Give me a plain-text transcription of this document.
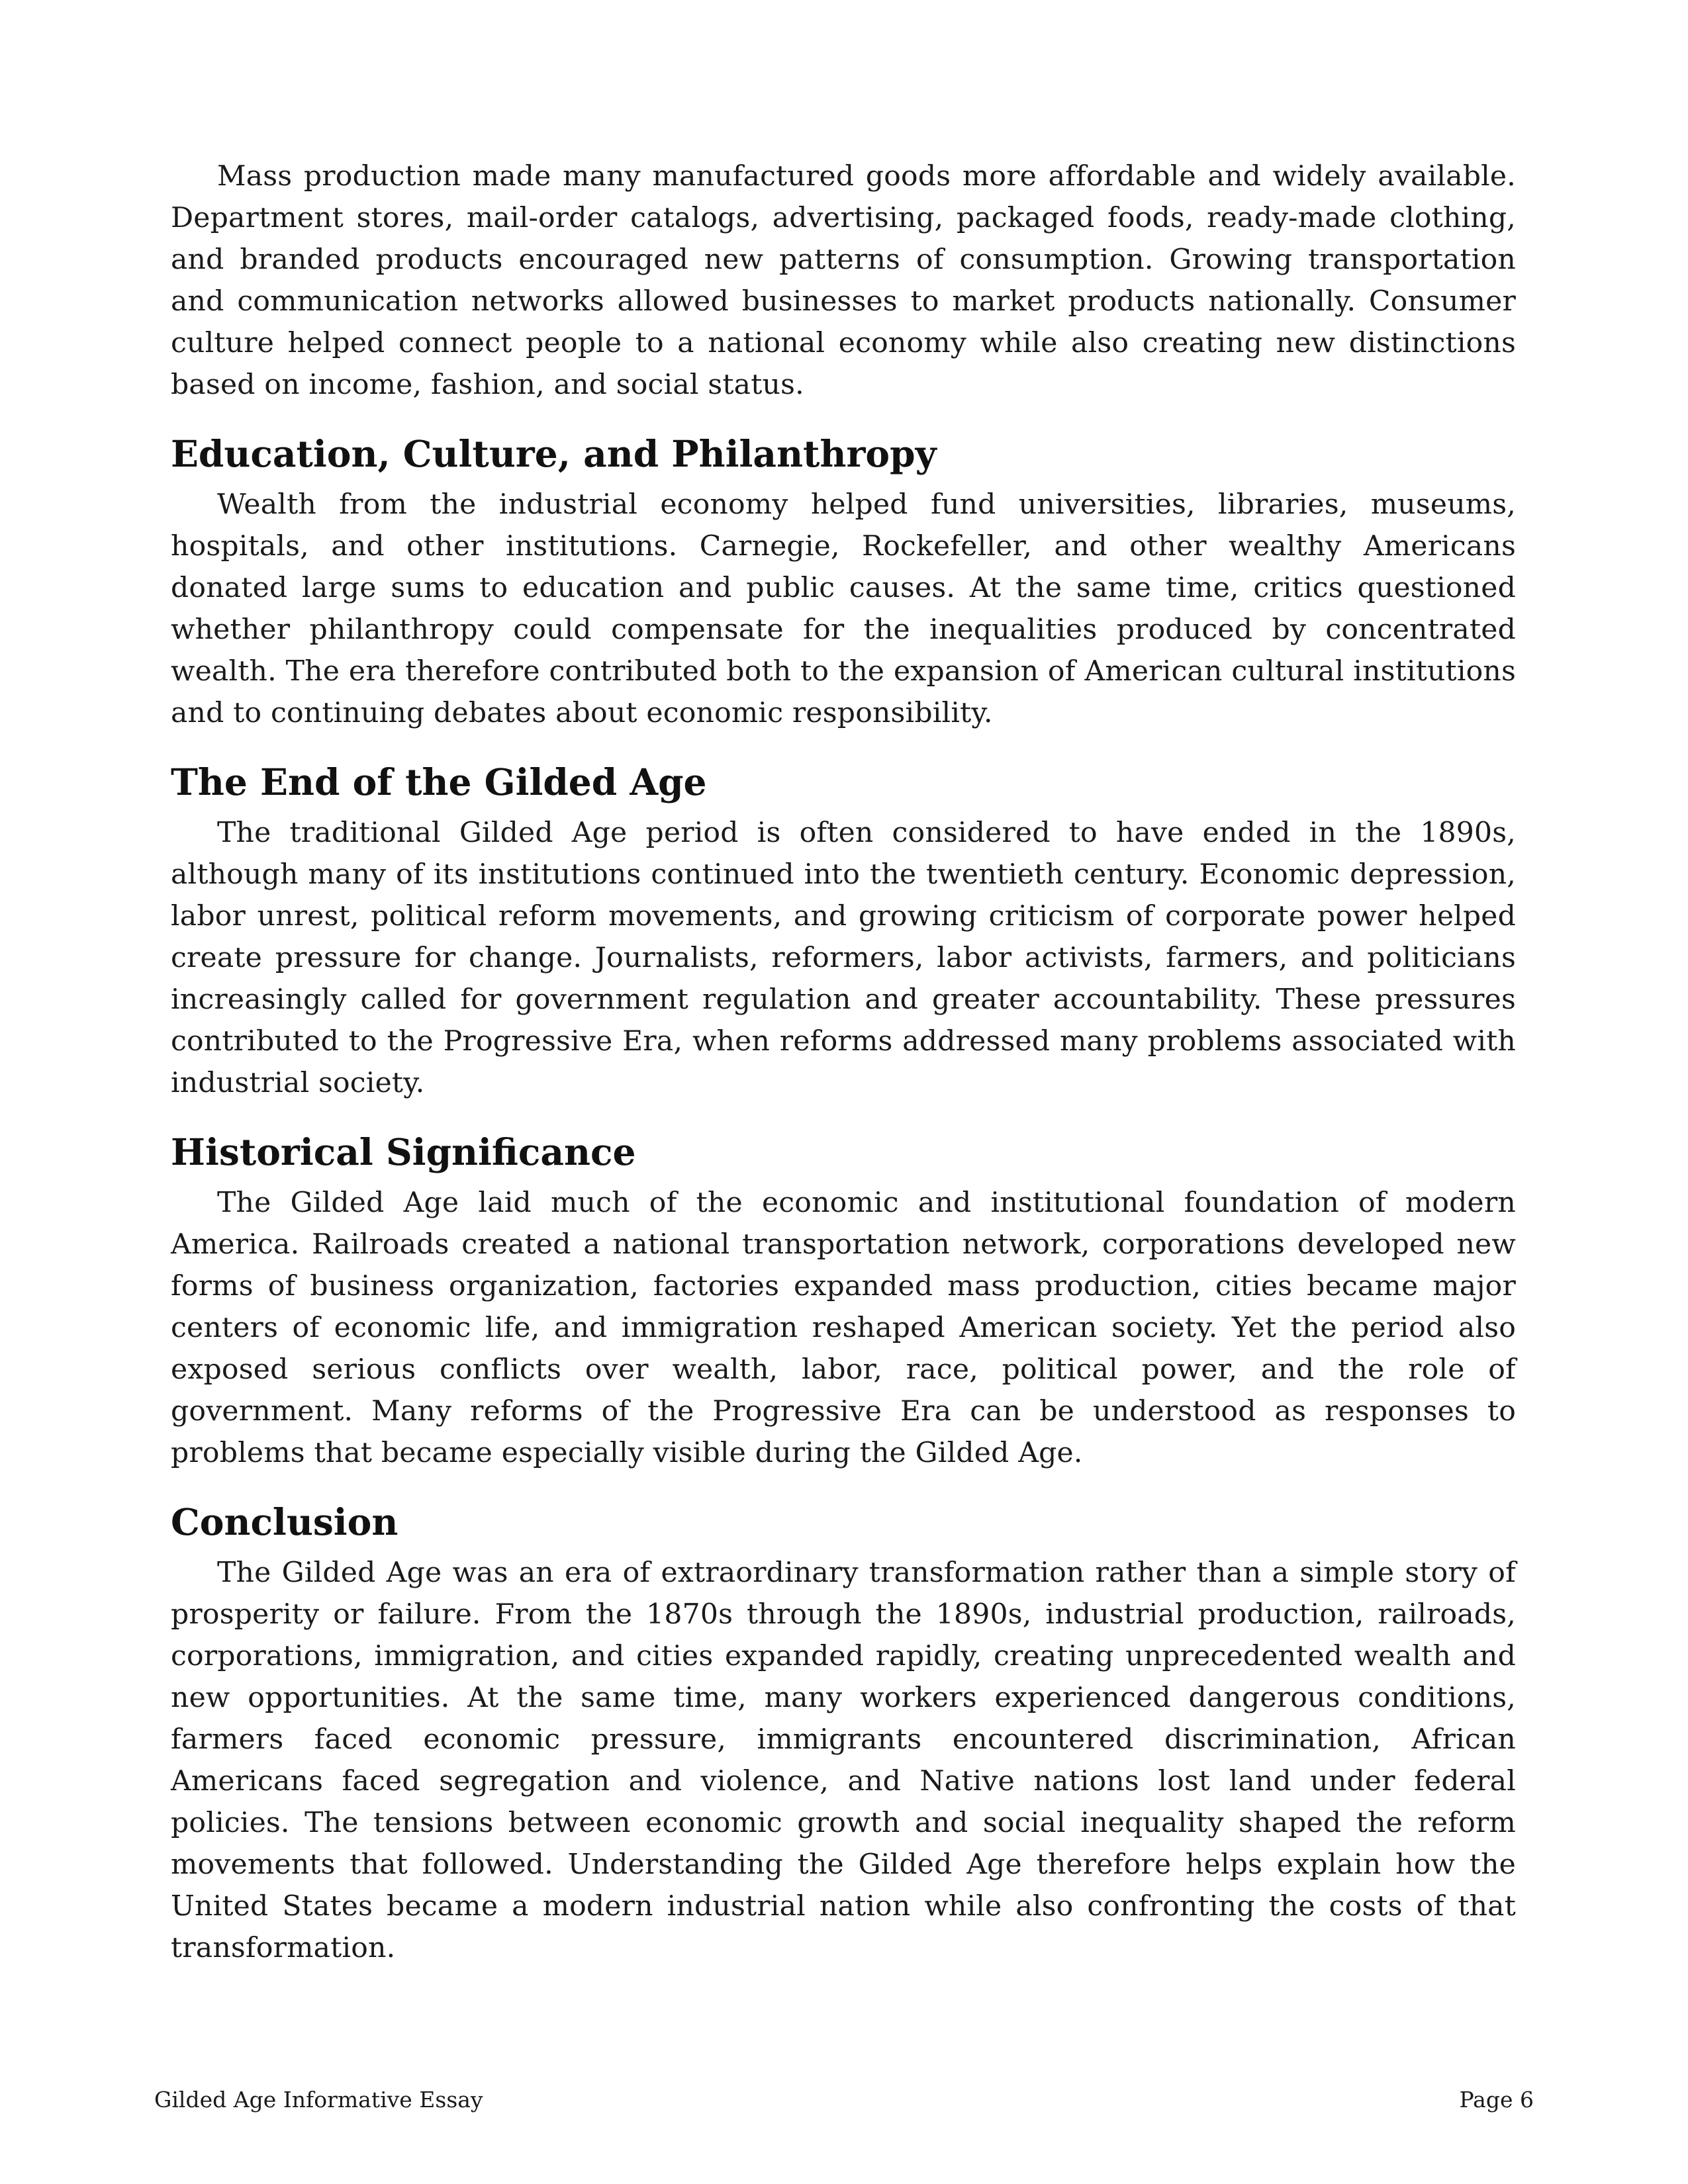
Mass production made many manufactured goods more affordable and widely available. Department stores, mail-order catalogs, advertising, packaged foods, ready-made clothing, and branded products encouraged new patterns of consumption. Growing transportation and communication networks allowed businesses to market products nationally. Consumer culture helped connect people to a national economy while also creating new distinctions based on income, fashion, and social status.

Education, Culture, and Philanthropy

Wealth from the industrial economy helped fund universities, libraries, museums, hospitals, and other institutions. Carnegie, Rockefeller, and other wealthy Americans donated large sums to education and public causes. At the same time, critics questioned whether philanthropy could compensate for the inequalities produced by concentrated wealth. The era therefore contributed both to the expansion of American cultural institutions and to continuing debates about economic responsibility.

The End of the Gilded Age

The traditional Gilded Age period is often considered to have ended in the 1890s, although many of its institutions continued into the twentieth century. Economic depression, labor unrest, political reform movements, and growing criticism of corporate power helped create pressure for change. Journalists, reformers, labor activists, farmers, and politicians increasingly called for government regulation and greater accountability. These pressures contributed to the Progressive Era, when reforms addressed many problems associated with industrial society.

Historical Significance

The Gilded Age laid much of the economic and institutional foundation of modern America. Railroads created a national transportation network, corporations developed new forms of business organization, factories expanded mass production, cities became major centers of economic life, and immigration reshaped American society. Yet the period also exposed serious conflicts over wealth, labor, race, political power, and the role of government. Many reforms of the Progressive Era can be understood as responses to problems that became especially visible during the Gilded Age.

Conclusion

The Gilded Age was an era of extraordinary transformation rather than a simple story of prosperity or failure. From the 1870s through the 1890s, industrial production, railroads, corporations, immigration, and cities expanded rapidly, creating unprecedented wealth and new opportunities. At the same time, many workers experienced dangerous conditions, farmers faced economic pressure, immigrants encountered discrimination, African Americans faced segregation and violence, and Native nations lost land under federal policies. The tensions between economic growth and social inequality shaped the reform movements that followed. Understanding the Gilded Age therefore helps explain how the United States became a modern industrial nation while also confronting the costs of that transformation.

Gilded Age Informative Essay	Page 6
